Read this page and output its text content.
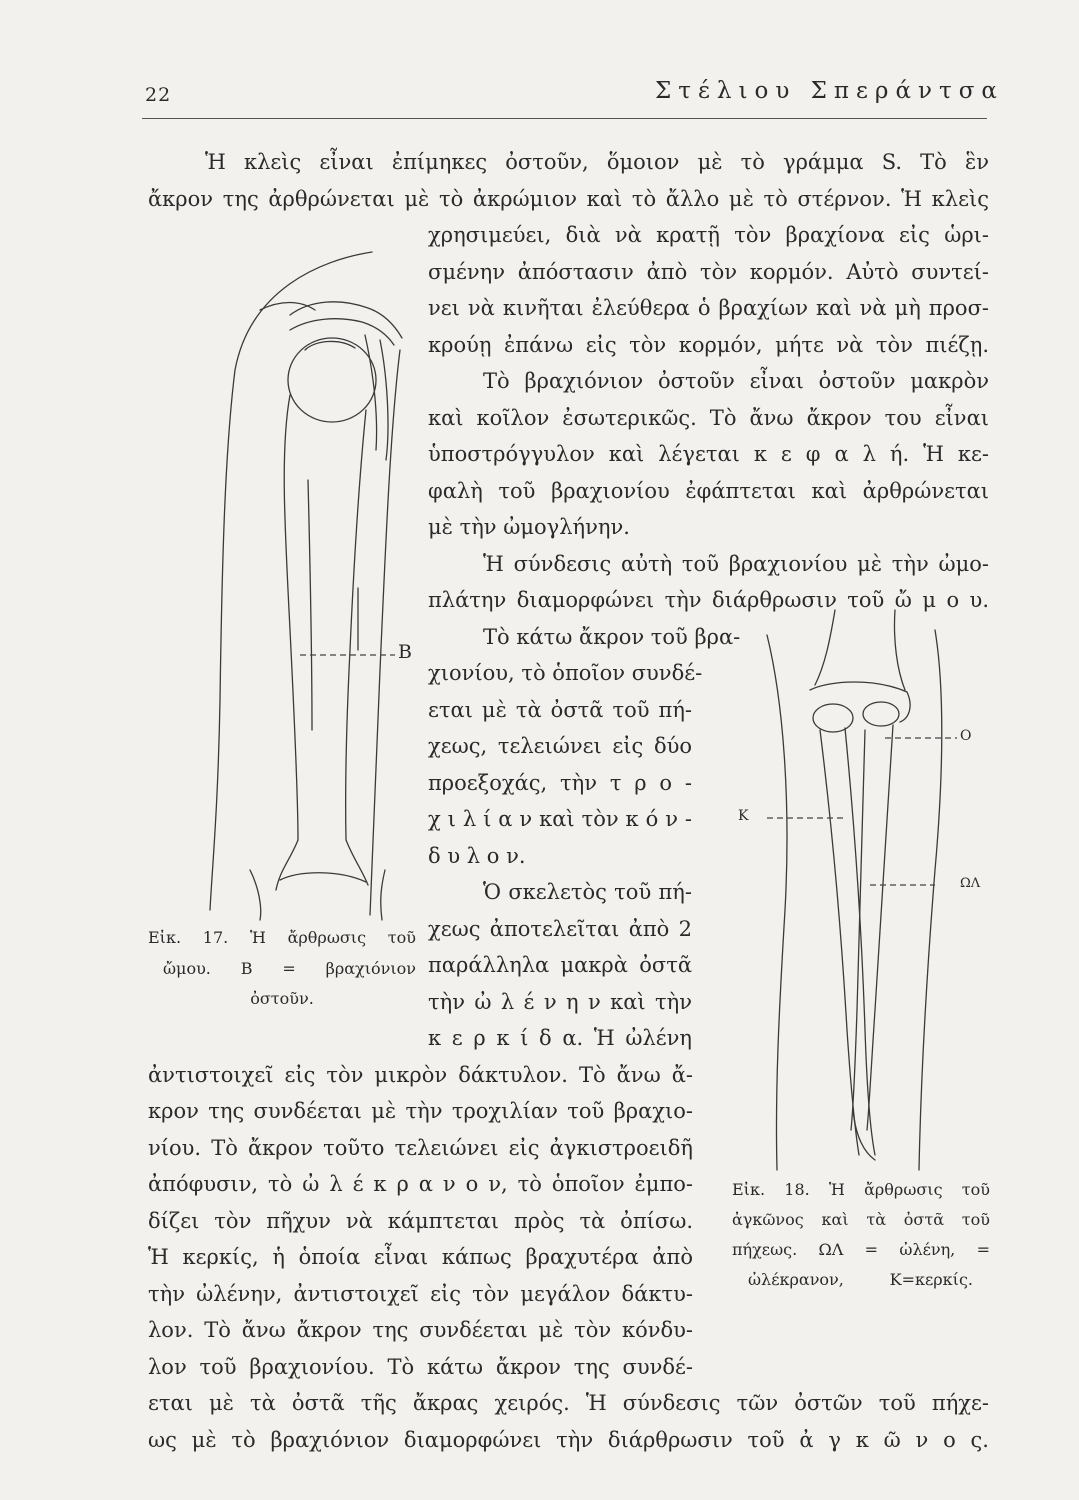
22	Στέλιου Σπεράντσα
Ἡ κλεὶς εἶναι ἐπίμηκες ὀστοῦν, ὅμοιον μὲ τὸ γράμμα S. Τὸ ἓν
ἄκρον της ἀρθρώνεται μὲ τὸ ἀκρώμιον καὶ τὸ ἄλλο μὲ τὸ στέρνον. Ἡ κλεὶς
χρησιμεύει, διὰ νὰ κρατῇ τὸν βραχίονα εἰς ὡρι-
σμένην ἀπόστασιν ἀπὸ τὸν κορμόν. Αὐτὸ συντεί-
νει νὰ κινῆται ἐλεύθερα ὁ βραχίων καὶ νὰ μὴ προσ-
κρούῃ ἐπάνω εἰς τὸν κορμόν, μήτε νὰ τὸν πιέζῃ.
Τὸ βραχιόνιον ὀστοῦν εἶναι ὀστοῦν μακρὸν
καὶ κοῖλον ἐσωτερικῶς. Τὸ ἄνω ἄκρον του εἶναι
ὑποστρόγγυλον καὶ λέγεται κ ε φ α λ ή. Ἡ κε-
φαλὴ τοῦ βραχιονίου ἐφάπτεται καὶ ἀρθρώνεται
μὲ τὴν ὠμογλήνην.
Ἡ σύνδεσις αὐτὴ τοῦ βραχιονίου μὲ τὴν ὠμο-
πλάτην διαμορφώνει τὴν διάρθρωσιν τοῦ ὤ μ ο υ.
Τὸ κάτω ἄκρον τοῦ βρα-
χιονίου, τὸ ὁποῖον συνδέ-
εται μὲ τὰ ὀστᾶ τοῦ πή-
χεως, τελειώνει εἰς δύο
προεξοχάς, τὴν τ ρ ο -
χ ι λ ί α ν καὶ τὸν κ ό ν -
δ υ λ ο ν.
Ὁ σκελετὸς τοῦ πή-
χεως ἀποτελεῖται ἀπὸ 2
παράλληλα μακρὰ ὀστᾶ
τὴν ὠ λ έ ν η ν καὶ τὴν
κ ε ρ κ ί δ α. Ἡ ὠλένη
ἀντιστοιχεῖ εἰς τὸν μικρὸν δάκτυλον. Τὸ ἄνω ἄ-
κρον της συνδέεται μὲ τὴν τροχιλίαν τοῦ βραχιο-
νίου. Τὸ ἄκρον τοῦτο τελειώνει εἰς ἀγκιστροειδῆ
ἀπόφυσιν, τὸ ὠ λ έ κ ρ α ν ο ν, τὸ ὁποῖον ἐμπο-
δίζει τὸν πῆχυν νὰ κάμπτεται πρὸς τὰ ὀπίσω.
Ἡ κερκίς, ἡ ὁποία εἶναι κάπως βραχυτέρα ἀπὸ
τὴν ὠλένην, ἀντιστοιχεῖ εἰς τὸν μεγάλον δάκτυ-
λον. Τὸ ἄνω ἄκρον της συνδέεται μὲ τὸν κόνδυ-
λον τοῦ βραχιονίου. Τὸ κάτω ἄκρον της συνδέ-
εται μὲ τὰ ὀστᾶ τῆς ἄκρας χειρός. Ἡ σύνδεσις τῶν ὀστῶν τοῦ πήχε-
ως μὲ τὸ βραχιόνιον διαμορφώνει τὴν διάρθρωσιν τοῦ ἀ γ κ ῶ ν ο ς.
B
Εἰκ. 17. Ἡ ἄρθρωσις τοῦ
ὤμου. Β = βραχιόνιον
ὀστοῦν.
Ο
Κ
ΩΛ
Εἰκ. 18. Ἡ ἄρθρωσις τοῦ
ἀγκῶνος καὶ τὰ ὀστᾶ τοῦ
πήχεως. ΩΛ = ὠλένη, =
ὠλέκρανον, Κ=κερκίς.
